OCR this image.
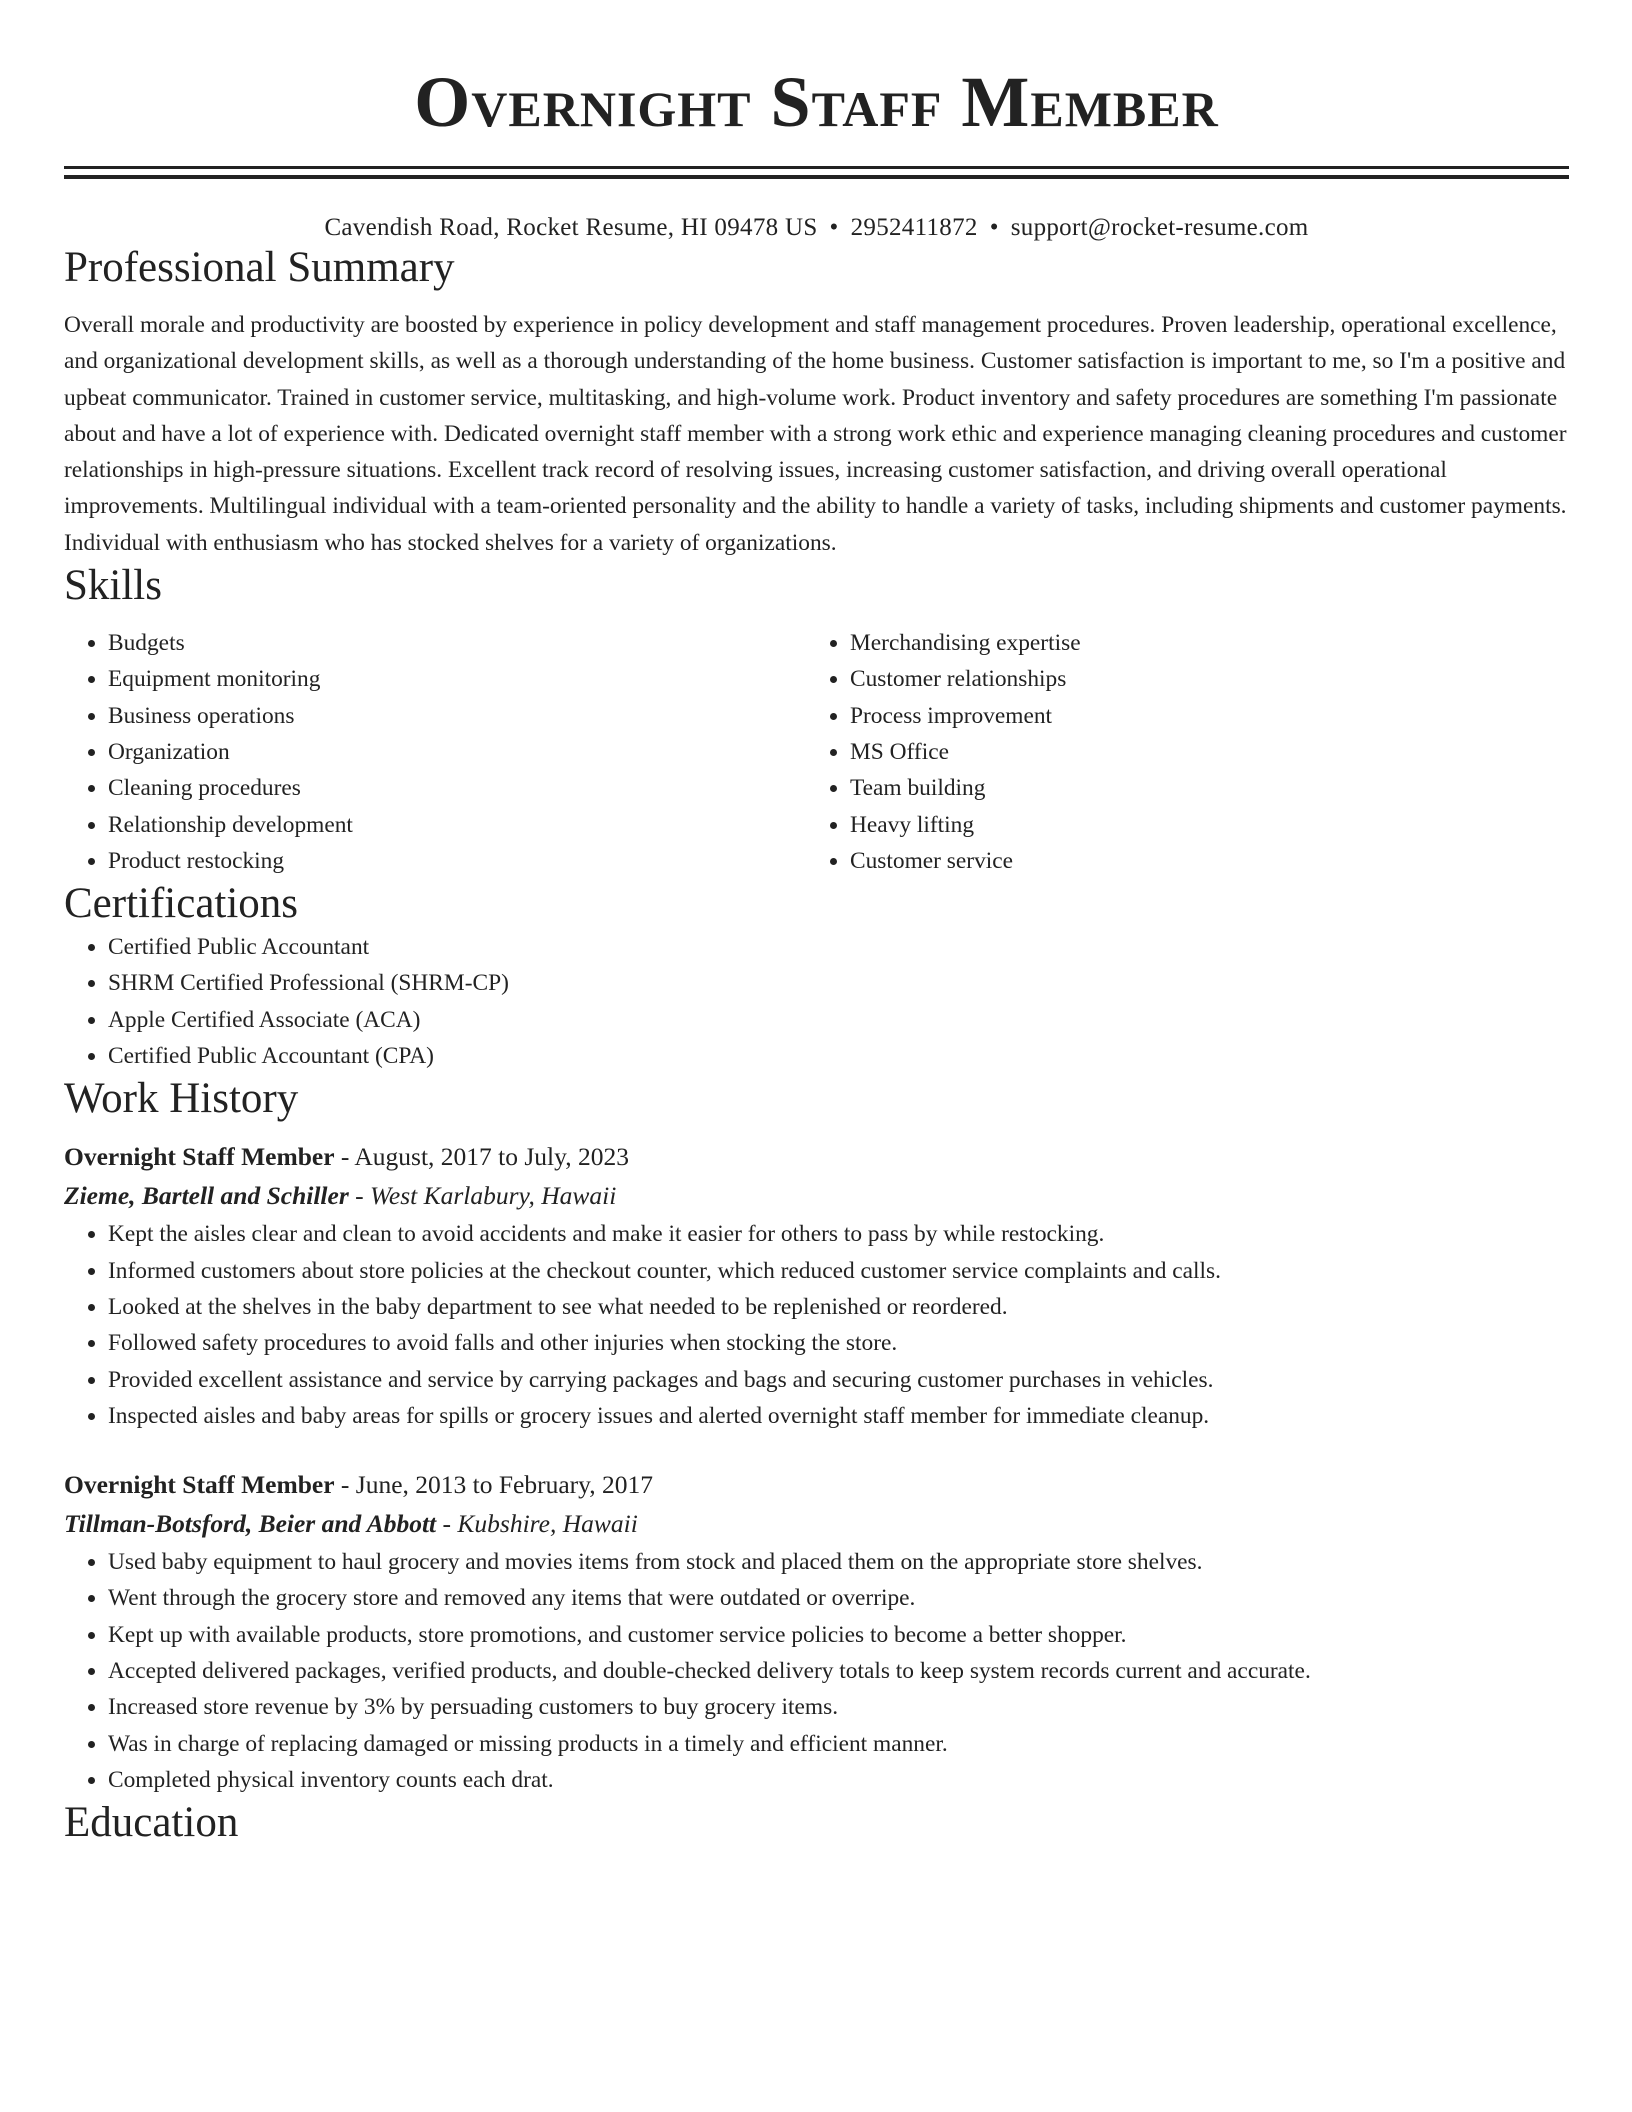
Overnight Staff Member
Cavendish Road, Rocket Resume, HI 09478 US • 2952411872 • support@rocket-resume.com
Professional Summary

Overall morale and productivity are boosted by experience in policy development and staff management procedures. Proven leadership, operational excellence, and organizational development skills, as well as a thorough understanding of the home business. Customer satisfaction is important to me, so I'm a positive and upbeat communicator. Trained in customer service, multitasking, and high-volume work. Product inventory and safety procedures are something I'm passionate about and have a lot of experience with. Dedicated overnight staff member with a strong work ethic and experience managing cleaning procedures and customer relationships in high-pressure situations. Excellent track record of resolving issues, increasing customer satisfaction, and driving overall operational improvements. Multilingual individual with a team-oriented personality and the ability to handle a variety of tasks, including shipments and customer payments. Individual with enthusiasm who has stocked shelves for a variety of organizations.

Skills
• Budgets
• Equipment monitoring
• Business operations
• Organization
• Cleaning procedures
• Relationship development
• Product restocking
• Merchandising expertise
• Customer relationships
• Process improvement
• MS Office
• Team building
• Heavy lifting
• Customer service
Certifications
• Certified Public Accountant
• SHRM Certified Professional (SHRM-CP)
• Apple Certified Associate (ACA)
• Certified Public Accountant (CPA)
Work History
Overnight Staff Member - August, 2017 to July, 2023
Zieme, Bartell and Schiller - West Karlabury, Hawaii
• Kept the aisles clear and clean to avoid accidents and make it easier for others to pass by while restocking.
• Informed customers about store policies at the checkout counter, which reduced customer service complaints and calls.
• Looked at the shelves in the baby department to see what needed to be replenished or reordered.
• Followed safety procedures to avoid falls and other injuries when stocking the store.
• Provided excellent assistance and service by carrying packages and bags and securing customer purchases in vehicles.
• Inspected aisles and baby areas for spills or grocery issues and alerted overnight staff member for immediate cleanup.
Overnight Staff Member - June, 2013 to February, 2017
Tillman-Botsford, Beier and Abbott - Kubshire, Hawaii
• Used baby equipment to haul grocery and movies items from stock and placed them on the appropriate store shelves.
• Went through the grocery store and removed any items that were outdated or overripe.
• Kept up with available products, store promotions, and customer service policies to become a better shopper.
• Accepted delivered packages, verified products, and double-checked delivery totals to keep system records current and accurate.
• Increased store revenue by 3% by persuading customers to buy grocery items.
• Was in charge of replacing damaged or missing products in a timely and efficient manner.
• Completed physical inventory counts each drat.
Education
